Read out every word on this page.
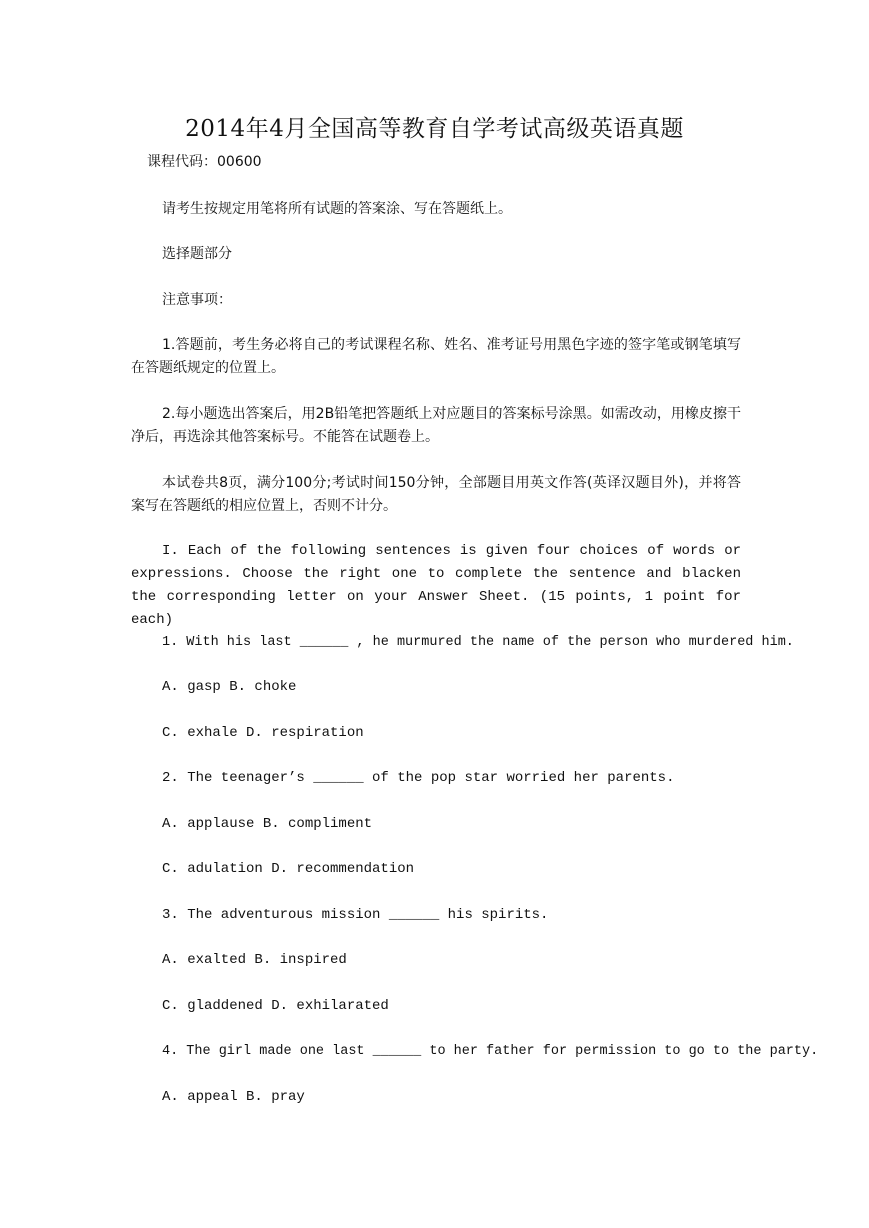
2014年4月全国高等教育自学考试高级英语真题
课程代码：00600
请考生按规定用笔将所有试题的答案涂、写在答题纸上。
选择题部分
注意事项：
1.答题前，考生务必将自己的考试课程名称、姓名、准考证号用黑色字迹的签字笔或钢笔填写在答题纸规定的位置上。
2.每小题选出答案后，用2B铅笔把答题纸上对应题目的答案标号涂黑。如需改动，用橡皮擦干净后，再选涂其他答案标号。不能答在试题卷上。
本试卷共8页，满分100分;考试时间150分钟，全部题目用英文作答(英译汉题目外)，并将答案写在答题纸的相应位置上，否则不计分。
I. Each of the following sentences is given four choices of words or expressions. Choose the right one to complete the sentence and blacken the corresponding letter on your Answer Sheet. (15 points, 1 point for each)
1. With his last ______ , he murmured the name of the person who murdered him.
A. gasp B. choke
C. exhale D. respiration
2. The teenager’s ______ of the pop star worried her parents.
A. applause B. compliment
C. adulation D. recommendation
3. The adventurous mission ______ his spirits.
A. exalted B. inspired
C. gladdened D. exhilarated
4. The girl made one last ______ to her father for permission to go to the party.
A. appeal B. pray
